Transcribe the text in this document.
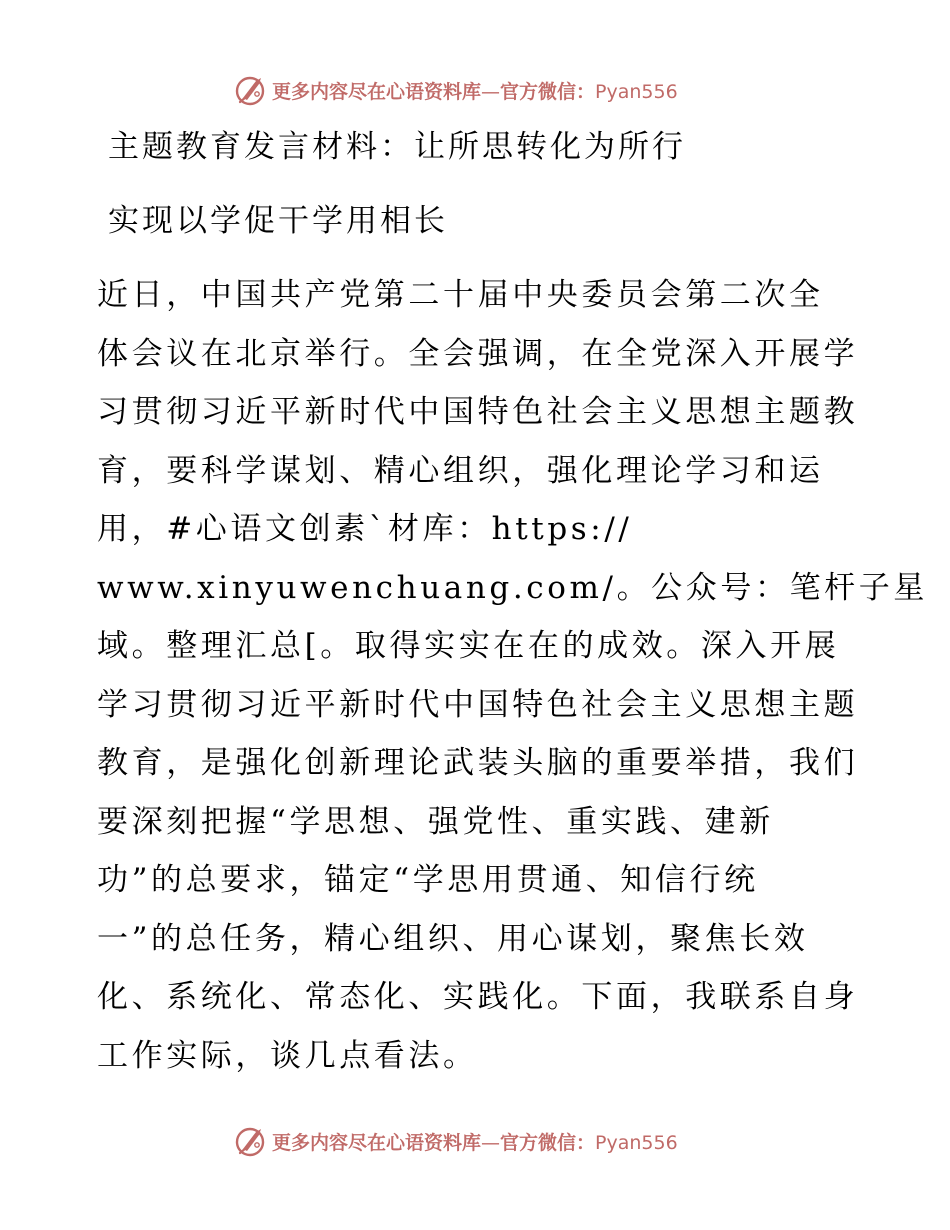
更多内容尽在心语资料库—官方微信：Pyan556
主题教育发言材料：让所思转化为所行
实现以学促干学用相长
近日，中国共产党第二十届中央委员会第二次全
体会议在北京举行。全会强调，在全党深入开展学
习贯彻习近平新时代中国特色社会主义思想主题教
育，要科学谋划、精心组织，强化理论学习和运
用，#心语文创素`材库：https://
www.xinyuwenchuang.com/。公众号：笔杆子星
域。整理汇总[。取得实实在在的成效。深入开展
学习贯彻习近平新时代中国特色社会主义思想主题
教育，是强化创新理论武装头脑的重要举措，我们
要深刻把握“学思想、强党性、重实践、建新
功”的总要求，锚定“学思用贯通、知信行统
一”的总任务，精心组织、用心谋划，聚焦长效
化、系统化、常态化、实践化。下面，我联系自身
工作实际，谈几点看法。
更多内容尽在心语资料库—官方微信：Pyan556
